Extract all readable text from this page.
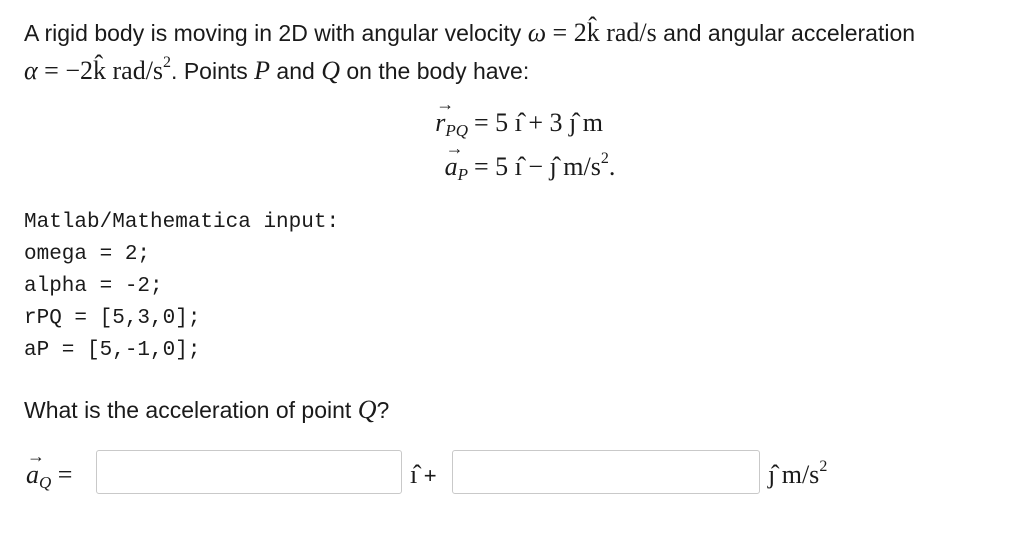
A rigid body is moving in 2D with angular velocity ω = 2k̂ rad/s and angular acceleration
α = −2k̂ rad/$s^2$. Points P and Q on the body have:
→
$r_{PQ} = 5$ ı̂ + 3 ȷ̂ m
→
$a_P = 5$ ı̂ − ȷ̂ $m/s^2$.
Matlab/Mathematica input:
omega = 2;
alpha = -2;
rPQ = [5,3,0];
aP = [5,-1,0];
What is the acceleration of point Q?
→
$a_Q$ =	ı̂ +	ȷ̂ $m/s^2$
